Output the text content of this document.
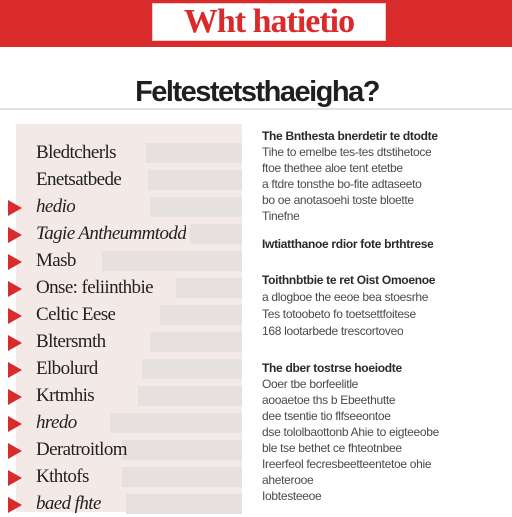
Wht hatietio
Feltestetsthaeigha?
Bledtcherls
Enetsatbede
hedio
Tagie Antheummtodd
Masb
Onse: feliinthbie
Celtic Eese
Bltersmth
Elbolurd
Krtmhis
hredo
Deratroitlom
Kthtofs
baed fhte
The Bnthesta bnerdetir te dtodte
Tihe to emelbe tes-tes dtstihetoce
ftoe thethee aloe tent etetbe
a ftdre tonsthe bo-fite adtaseeto
bo oe anotasoehi toste bloette
Tinefne
Iwtiatthanoe rdior fote brthtrese
Toithnbtbie te ret Oist Omoenoe
a dlogboe the eeoe bea stoesrhe
Tes totoobeto fo toetsettfoitese
168 lootarbede trescortoveo
The dber tostrse hoeiodte
Ooer tbe borfeelitle
aooaetoe ths b Ebeethutte
dee tsentie tio flfseeontoe
dse tololbaottonb Ahie to eigteeobe
ble tse bethet ce fhteotnbee
Ireerfeol fecresbeetteentetoe ohie
aheterooe
Iobtesteeoe
